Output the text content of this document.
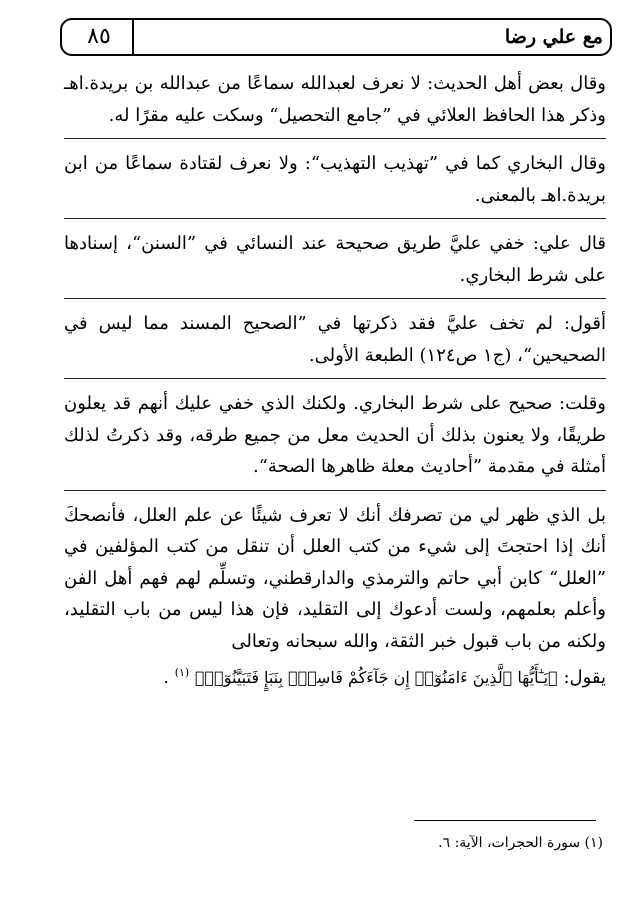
٨٥	مع علي رضا

وقال بعض أهل الحديث: لا نعرف لعبدالله سماعًا من عبدالله بن بريدة.اهـ وذكر هذا الحافظ العلائي في ”جامع التحصيل“ وسكت عليه مقرًا له.

وقال البخاري كما في ”تهذيب التهذيب“: ولا نعرف لقتادة سماعًا من ابن بريدة.اهـ بالمعنى.

قال علي: خفي عليَّ طريق صحيحة عند النسائي في ”السنن“، إسنادها على شرط البخاري.

أقول: لم تخف عليَّ فقد ذكرتها في ”الصحيح المسند مما ليس في الصحيحين“، (ج١ ص١٢٤) الطبعة الأولى.

وقلت: صحيح على شرط البخاري. ولكنك الذي خفي عليك أنهم قد يعلون طريقًا، ولا يعنون بذلك أن الحديث معل من جميع طرقه، وقد ذكرتُ لذلك أمثلة في مقدمة ”أحاديث معلة ظاهرها الصحة“.

بل الذي ظهر لي من تصرفك أنك لا تعرف شيئًا عن علم العلل، فأنصحكَ أنك إذا احتجتَ إلى شيء من كتب العلل أن تنقل من كتب المؤلفين في ”العلل“ كابن أبي حاتم والترمذي والدارقطني، وتسلِّم لهم فهم أهل الفن وأعلم بعلمهم، ولست أدعوك إلى التقليد، فإن هذا ليس من باب التقليد، ولكنه من باب قبول خبر الثقة، والله سبحانه وتعالى

يقول: ﴿يَـٰٓأَيُّهَا ٱلَّذِينَ ءَامَنُوٓا۟ إِن جَآءَكُمْ فَاسِقٌۢ بِنَبَإٍ فَتَبَيَّنُوٓا۟﴾ $^{(١)}$ .

(١) سورة الحجرات، الآية: ٦.
